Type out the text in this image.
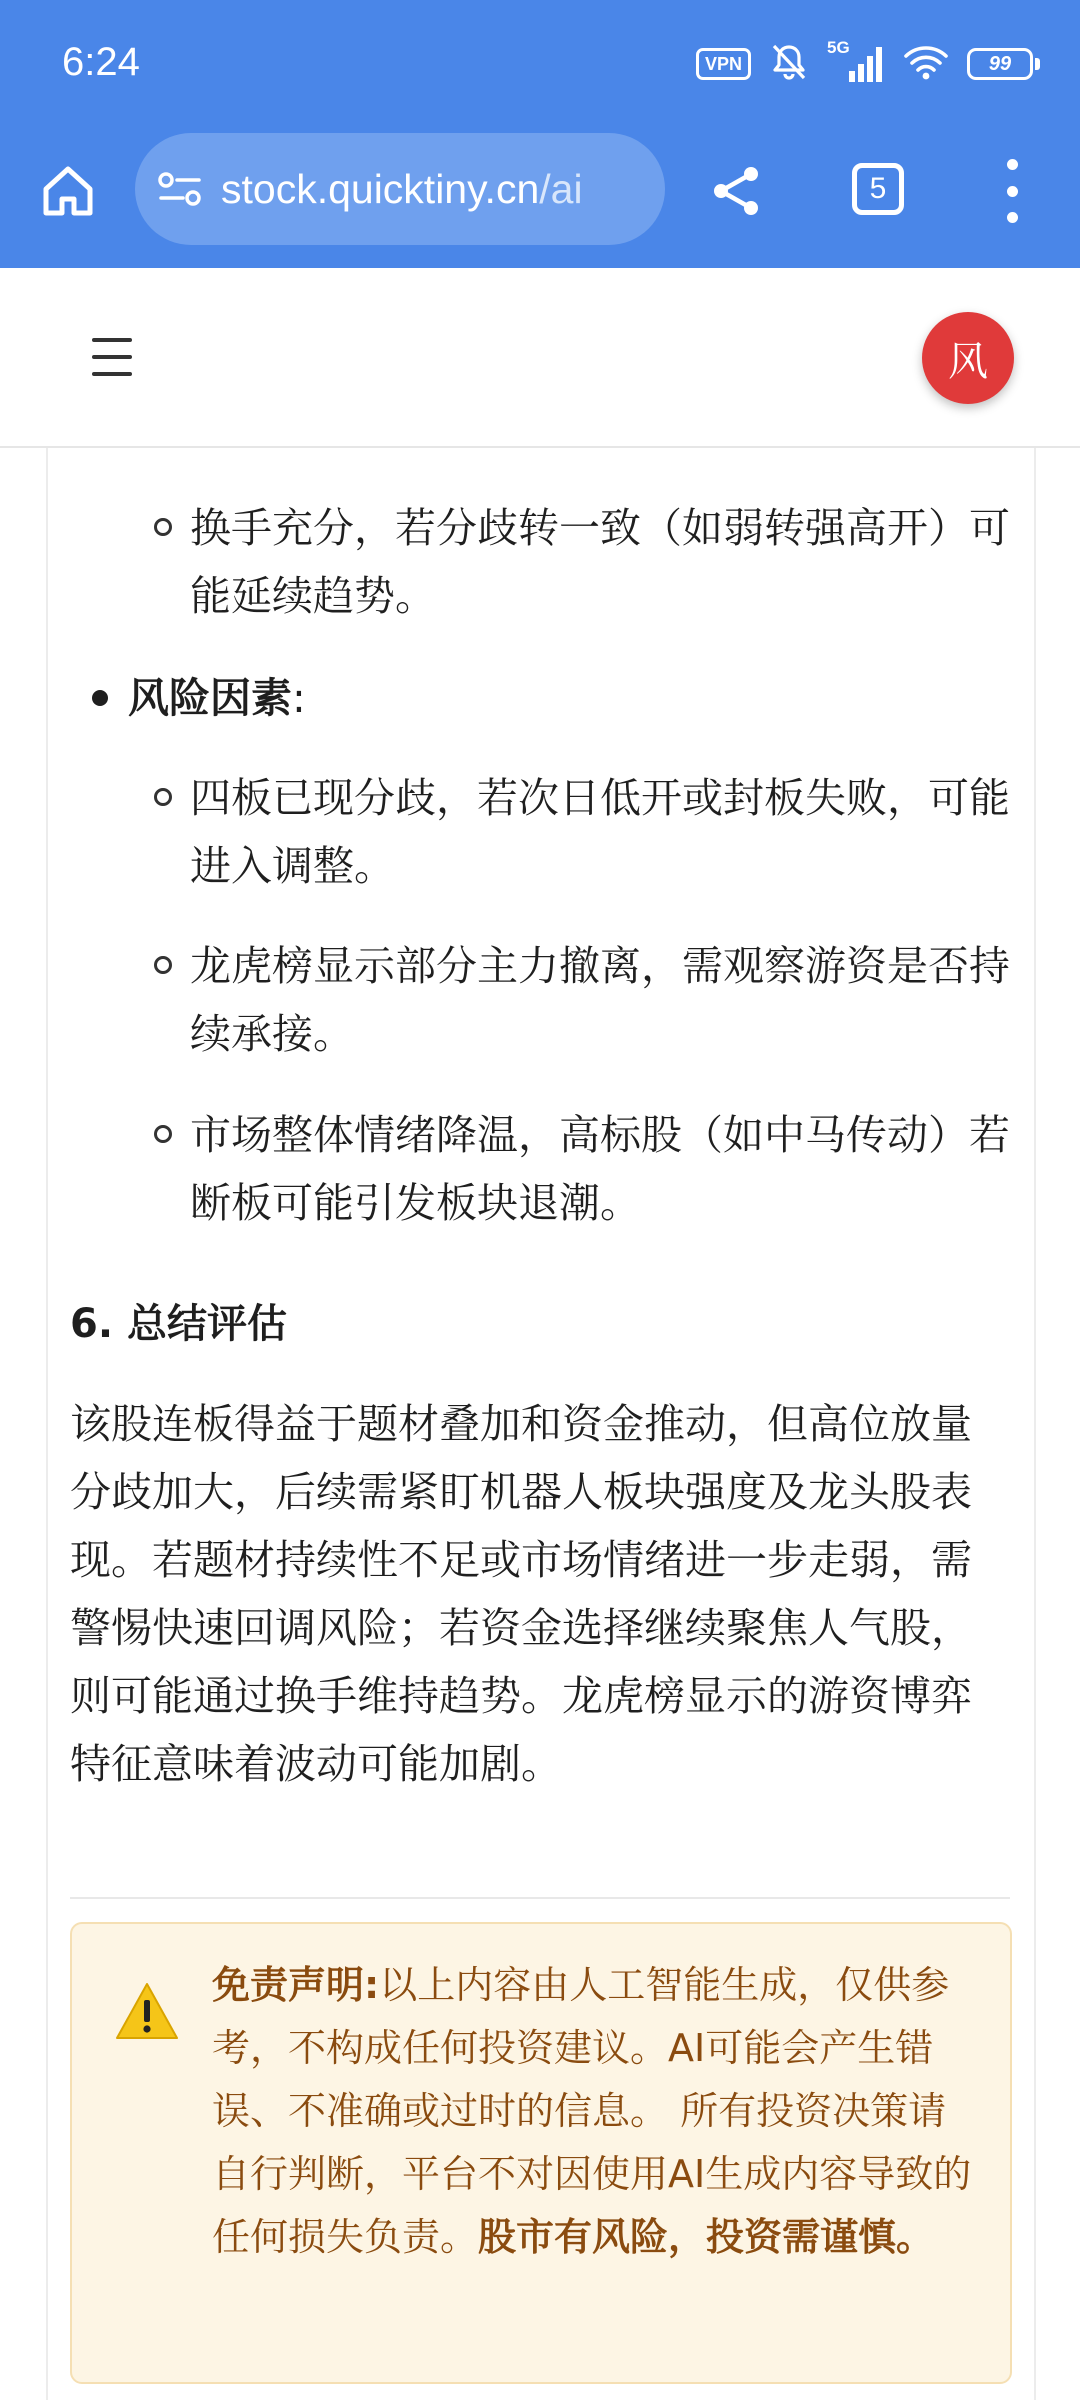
6:24	VPN
5G
99
stock.quicktiny.cn/ai	5
风
换手充分，若分歧转一致（如弱转强高开）可能延续趋势。
风险因素:
四板已现分歧，若次日低开或封板失败，可能进入调整。
龙虎榜显示部分主力撤离，需观察游资是否持续承接。
市场整体情绪降温，高标股（如中马传动）若断板可能引发板块退潮。
6. 总结评估
该股连板得益于题材叠加和资金推动，但高位放量分歧加大，后续需紧盯机器人板块强度及龙头股表现。若题材持续性不足或市场情绪进一步走弱，需警惕快速回调风险；若资金选择继续聚焦人气股，则可能通过换手维持趋势。龙虎榜显示的游资博弈特征意味着波动可能加剧。
免责声明:以上内容由人工智能生成，仅供参考，不构成任何投资建议。AI可能会产生错误、不准确或过时的信息。 所有投资决策请自行判断，平台不对因使用AI生成内容导致的任何损失负责。股市有风险，投资需谨慎。
